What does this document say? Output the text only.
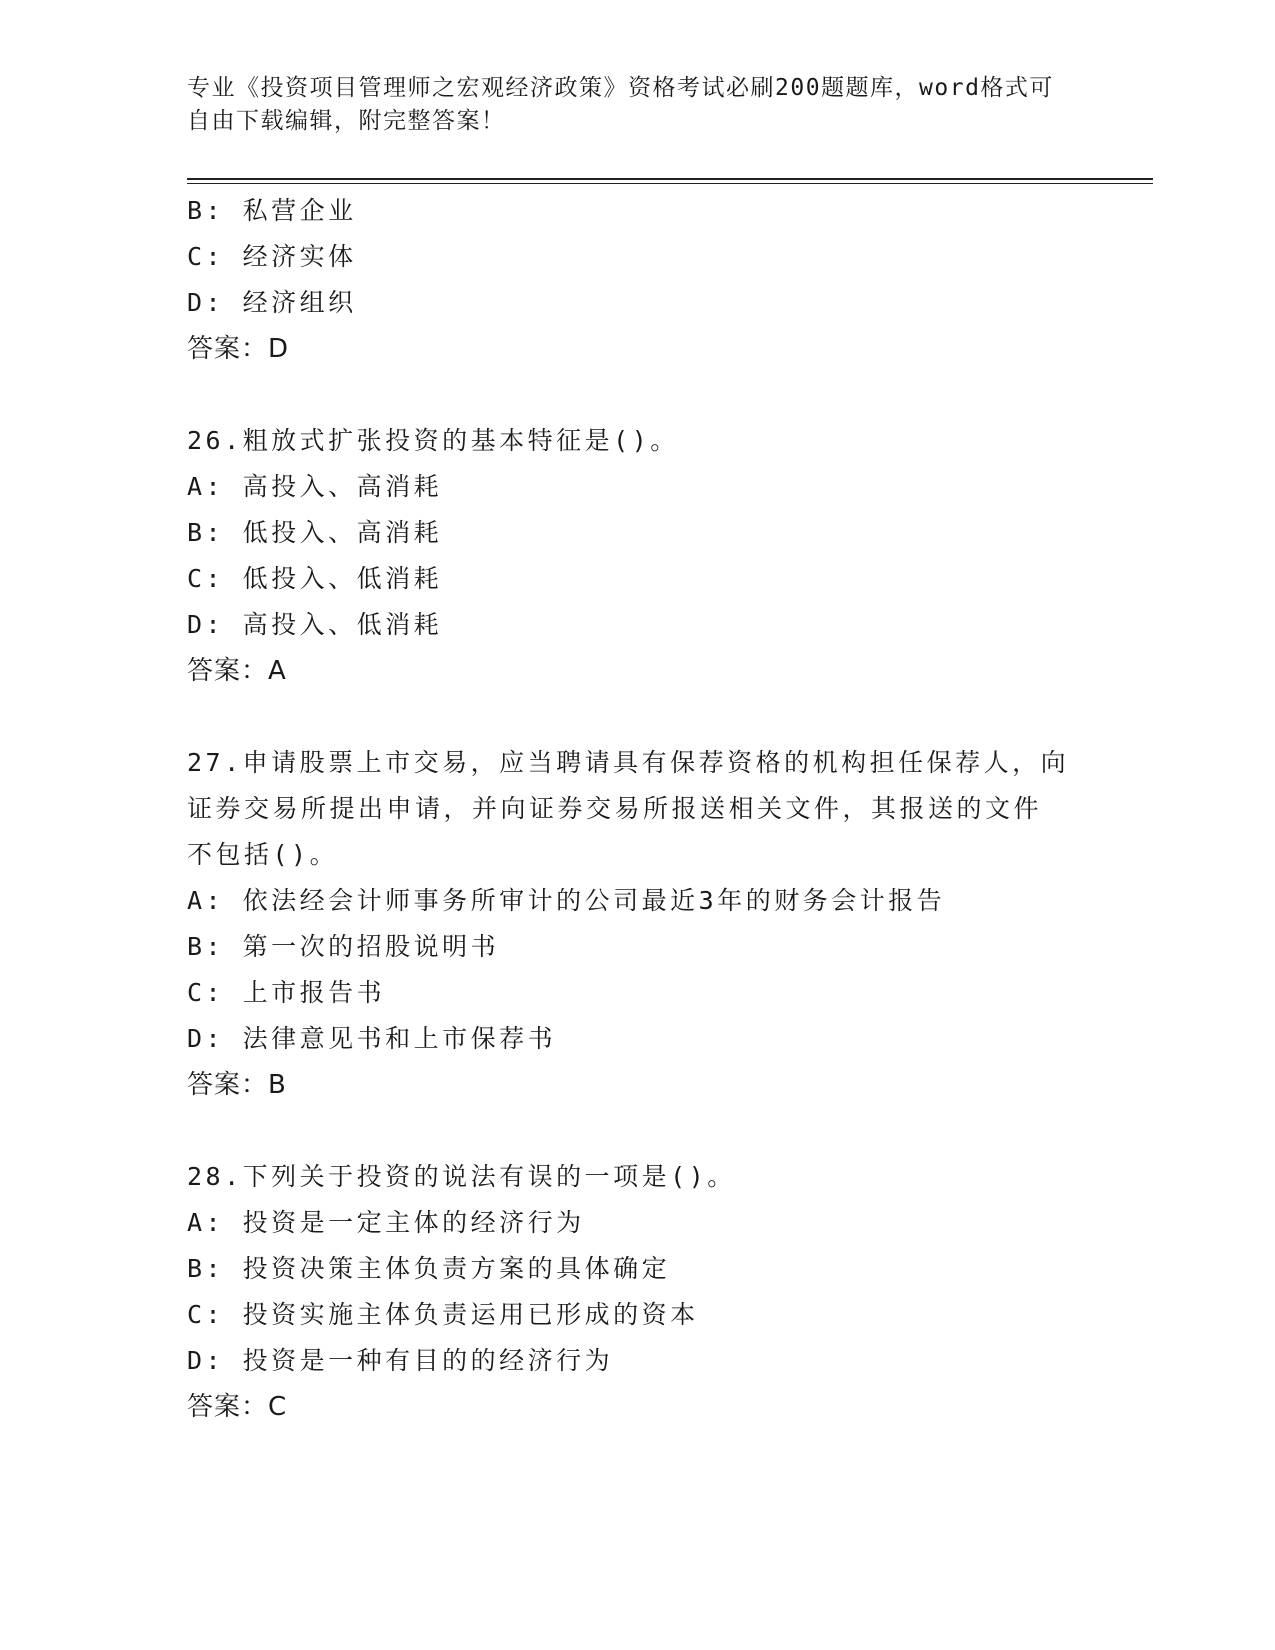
专业《投资项目管理师之宏观经济政策》资格考试必刷200题题库，word格式可
自由下载编辑，附完整答案！
B: 私营企业
C: 经济实体
D: 经济组织
答案：D
26.粗放式扩张投资的基本特征是()。
A: 高投入、高消耗
B: 低投入、高消耗
C: 低投入、低消耗
D: 高投入、低消耗
答案：A
27.申请股票上市交易，应当聘请具有保荐资格的机构担任保荐人，向
证券交易所提出申请，并向证券交易所报送相关文件，其报送的文件
不包括()。
A: 依法经会计师事务所审计的公司最近3年的财务会计报告
B: 第一次的招股说明书
C: 上市报告书
D: 法律意见书和上市保荐书
答案：B
28.下列关于投资的说法有误的一项是()。
A: 投资是一定主体的经济行为
B: 投资决策主体负责方案的具体确定
C: 投资实施主体负责运用已形成的资本
D: 投资是一种有目的的经济行为
答案：C
